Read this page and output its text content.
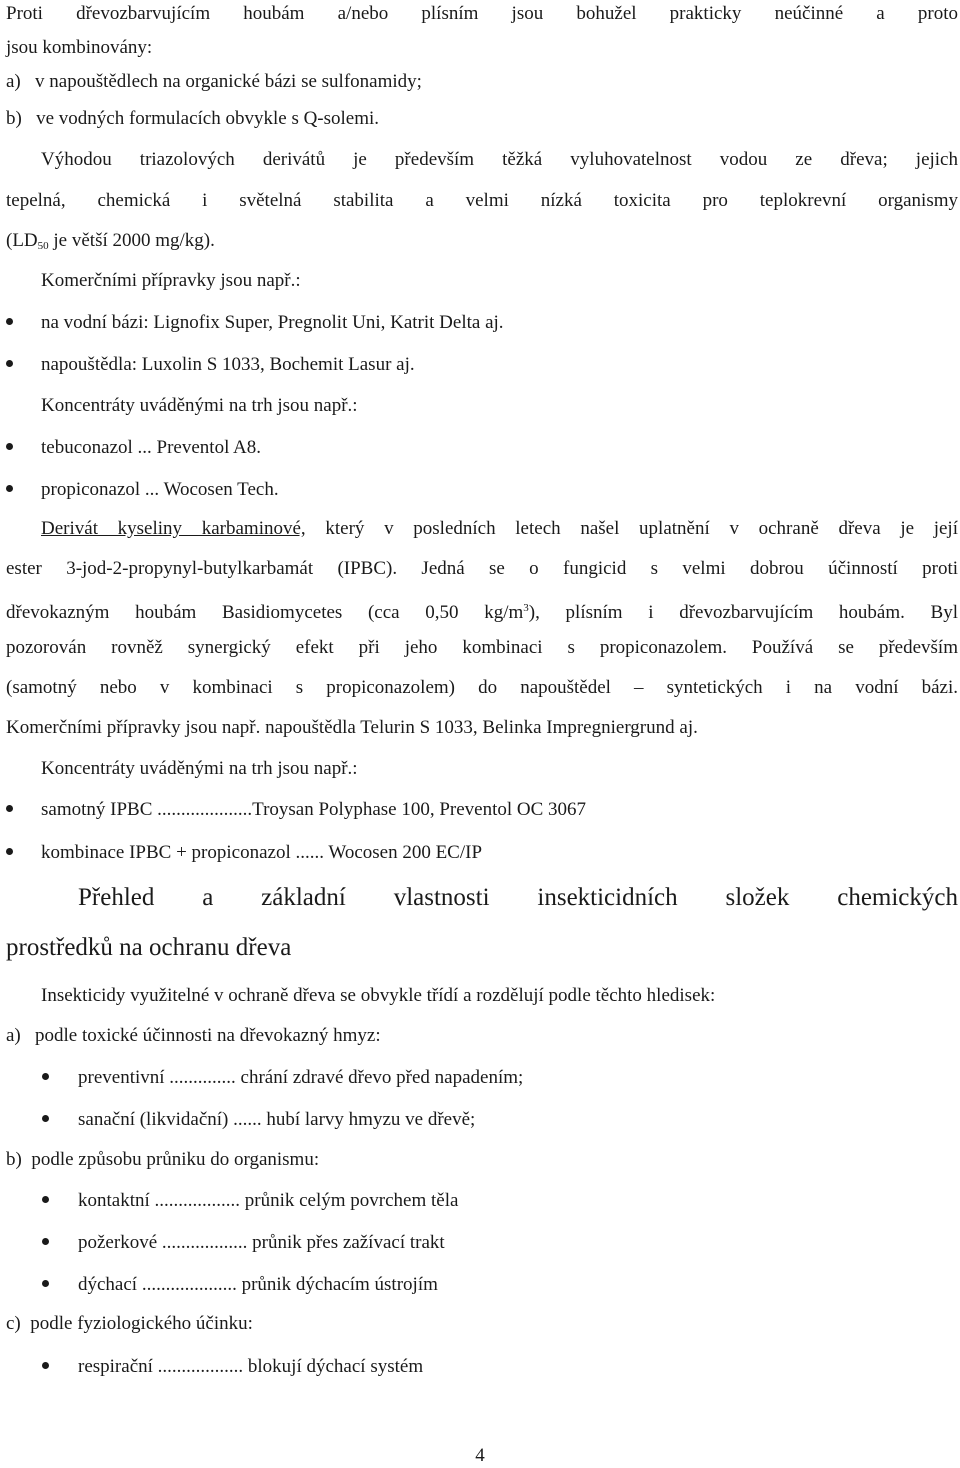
Proti dřevozbarvujícím houbám a/nebo plísním jsou bohužel prakticky neúčinné a proto
jsou kombinovány:
a)   v napouštědlech na organické bázi se sulfonamidy;
b)   ve vodných formulacích obvykle s Q-solemi.
Výhodou triazolových derivátů je především těžká vyluhovatelnost vodou ze dřeva; jejich
tepelná, chemická i světelná stabilita a velmi nízká toxicita pro teplokrevní organismy
($LD_{50}$ je větší 2000 mg/kg).
Komerčními přípravky jsou např.:
na vodní bázi: Lignofix Super, Pregnolit Uni, Katrit Delta aj.
napouštědla: Luxolin S 1033, Bochemit Lasur aj.
Koncentráty uváděnými na trh jsou např.:
tebuconazol ... Preventol A8.
propiconazol ... Wocosen Tech.
Derivát kyseliny karbaminové, který v posledních letech našel uplatnění v ochraně dřeva je její
ester 3-jod-2-propynyl-butylkarbamát (IPBC). Jedná se o fungicid s velmi dobrou účinností proti
dřevokazným houbám Basidiomycetes (cca 0,50 $kg/m^3$), plísním i dřevozbarvujícím houbám. Byl
pozorován rovněž synergický efekt při jeho kombinaci s propiconazolem. Používá se především
(samotný nebo v kombinaci s propiconazolem) do napouštědel – syntetických i na vodní bázi.
Komerčními přípravky jsou např. napouštědla Telurin S 1033, Belinka Impregniergrund aj.
Koncentráty uváděnými na trh jsou např.:
samotný IPBC ....................Troysan Polyphase 100, Preventol OC 3067
kombinace IPBC + propiconazol ...... Wocosen 200 EC/IP
Přehled a základní vlastnosti insekticidních složek chemických
prostředků na ochranu dřeva
Insekticidy využitelné v ochraně dřeva se obvykle třídí a rozdělují podle těchto hledisek:
a)   podle toxické účinnosti na dřevokazný hmyz:
preventivní .............. chrání zdravé dřevo před napadením;
sanační (likvidační) ...... hubí larvy hmyzu ve dřevě;
b)  podle způsobu průniku do organismu:
kontaktní .................. průnik celým povrchem těla
požerkové .................. průnik přes zažívací trakt
dýchací .................... průnik dýchacím ústrojím
c)  podle fyziologického účinku:
respirační .................. blokují dýchací systém
4
